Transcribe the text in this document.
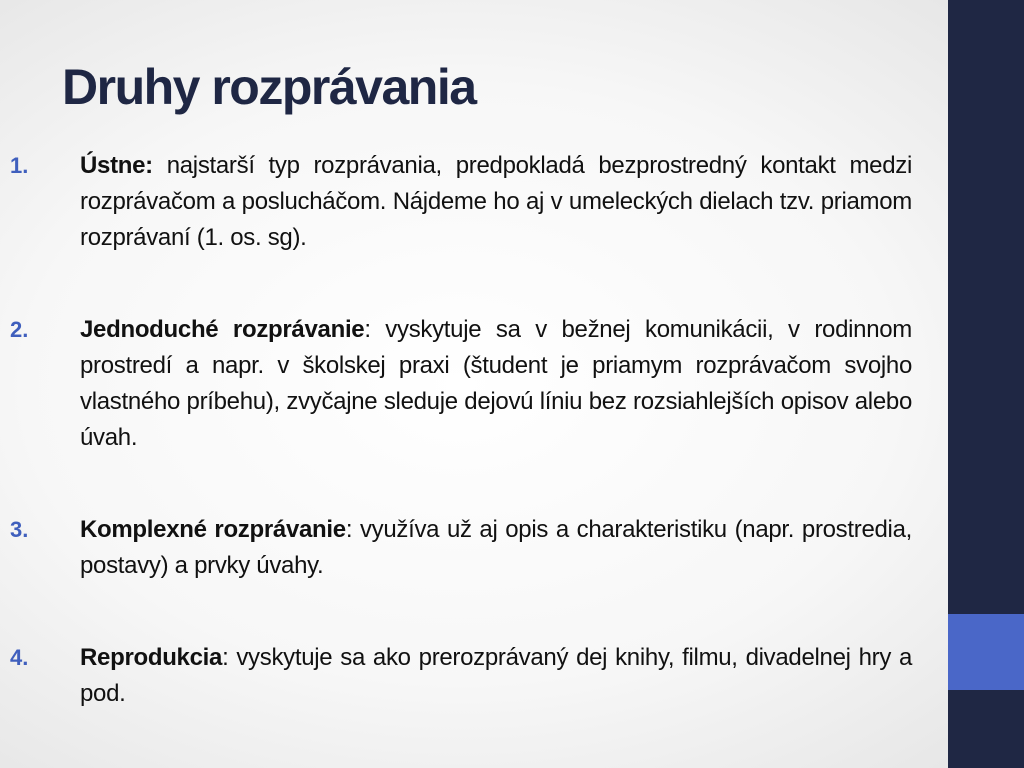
Druhy rozprávania
1. Ústne: najstarší typ rozprávania, predpokladá bezprostredný kontakt medzi rozprávačom a poslucháčom. Nájdeme ho aj v umeleckých dielach tzv. priamom rozprávaní (1. os. sg).
2. Jednoduché rozprávanie: vyskytuje sa v bežnej komunikácii, v rodinnom prostredí a napr. v školskej praxi (študent je priamym rozprávačom svojho vlastného príbehu), zvyčajne sleduje dejovú líniu bez rozsiahlejších opisov alebo úvah.
3. Komplexné rozprávanie: využíva už aj opis a charakteristiku (napr. prostredia, postavy) a prvky úvahy.
4. Reprodukcia: vyskytuje sa ako prerozprávaný dej knihy, filmu, divadelnej hry a pod.
